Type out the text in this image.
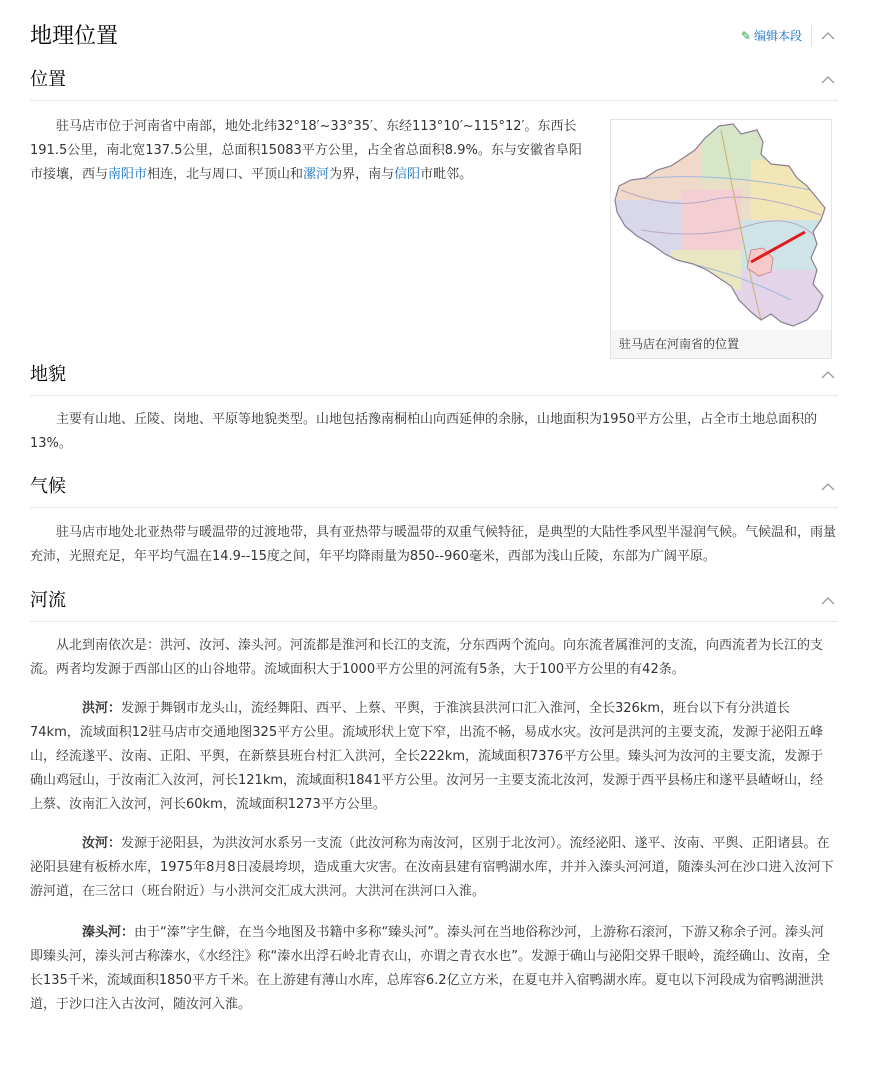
地理位置	✎ 编辑本段
位置

驻马店市位于河南省中南部，地处北纬32°18′~33°35′、东经113°10′~115°12′。东西长191.5公里，南北宽137.5公里，总面积15083平方公里，占全省总面积8.9%。东与安徽省阜阳市接壤，西与南阳市相连，北与周口、平顶山和漯河为界，南与信阳市毗邻。

驻马店在河南省的位置
地貌

主要有山地、丘陵、岗地、平原等地貌类型。山地包括豫南桐柏山向西延伸的余脉，山地面积为1950平方公里，占全市土地总面积的13%。

气候

驻马店市地处北亚热带与暖温带的过渡地带，具有亚热带与暖温带的双重气候特征，是典型的大陆性季风型半湿润气候。气候温和，雨量充沛，光照充足，年平均气温在14.9--15度之间，年平均降雨量为850--960毫米，西部为浅山丘陵，东部为广阔平原。

河流

从北到南依次是：洪河、汝河、溱头河。河流都是淮河和长江的支流，分东西两个流向。向东流者属淮河的支流，向西流者为长江的支流。两者均发源于西部山区的山谷地带。流域面积大于1000平方公里的河流有5条，大于100平方公里的有42条。

洪河：发源于舞钢市龙头山，流经舞阳、西平、上蔡、平舆，于淮滨县洪河口汇入淮河，全长326km，班台以下有分洪道长74km，流域面积12驻马店市交通地图325平方公里。流域形状上宽下窄，出流不畅，易成水灾。汝河是洪河的主要支流，发源于泌阳五峰山，经流遂平、汝南、正阳、平舆，在新蔡县班台村汇入洪河，全长222km，流域面积7376平方公里。臻头河为汝河的主要支流，发源于确山鸡冠山，于汝南汇入汝河，河长121km，流域面积1841平方公里。汝河另一主要支流北汝河，发源于西平县杨庄和遂平县嵖岈山，经上蔡、汝南汇入汝河，河长60km，流域面积1273平方公里。

汝河：发源于泌阳县，为洪汝河水系另一支流（此汝河称为南汝河，区别于北汝河）。流经泌阳、遂平、汝南、平舆、正阳诸县。在泌阳县建有板桥水库，1975年8月8日凌晨垮坝，造成重大灾害。在汝南县建有宿鸭湖水库，并并入溱头河河道，随溱头河在沙口进入汝河下游河道，在三岔口（班台附近）与小洪河交汇成大洪河。大洪河在洪河口入淮。

溱头河：由于“溱”字生僻，在当今地图及书籍中多称“臻头河”。溱头河在当地俗称沙河，上游称石滚河，下游又称余子河。溱头河即臻头河，溱头河古称溱水，《水经注》称“溱水出浮石岭北青衣山，亦谓之青衣水也”。发源于确山与泌阳交界千眼岭，流经确山、汝南，全长135千米，流域面积1850平方千米。在上游建有薄山水库，总库容6.2亿立方米，在夏屯并入宿鸭湖水库。夏屯以下河段成为宿鸭湖泄洪道，于沙口注入古汝河，随汝河入淮。
